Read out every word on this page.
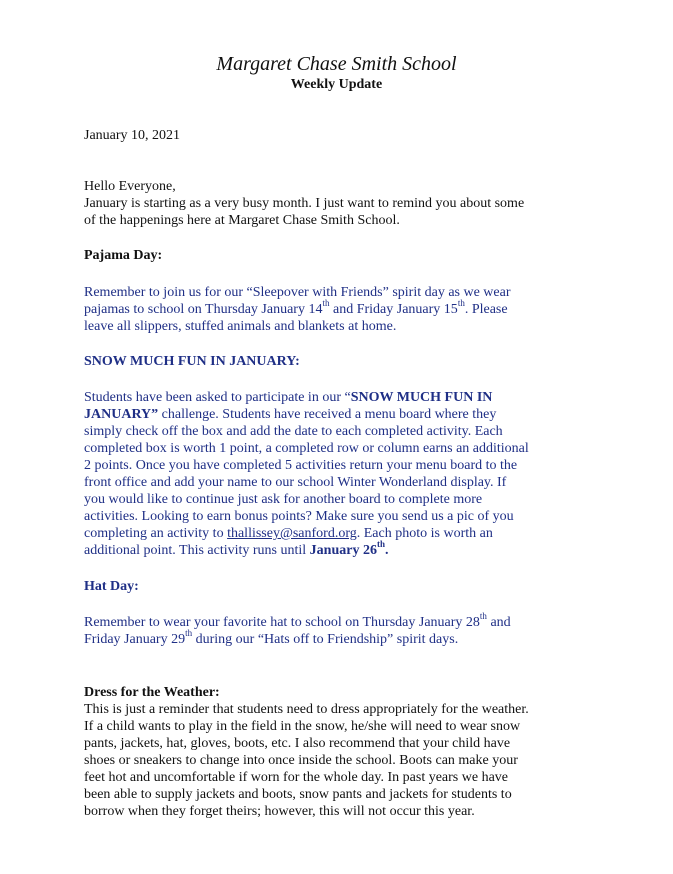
Margaret Chase Smith School
Weekly Update
January 10, 2021
Hello Everyone,
January is starting as a very busy month. I just want to remind you about some
of the happenings here at Margaret Chase Smith School.
Pajama Day:
Remember to join us for our “Sleepover with Friends” spirit day as we wear
pajamas to school on Thursday January 14th and Friday January 15th. Please
leave all slippers, stuffed animals and blankets at home.
SNOW MUCH FUN IN JANUARY:
Students have been asked to participate in our “SNOW MUCH FUN IN
JANUARY” challenge. Students have received a menu board where they
simply check off the box and add the date to each completed activity. Each
completed box is worth 1 point, a completed row or column earns an additional
2 points. Once you have completed 5 activities return your menu board to the
front office and add your name to our school Winter Wonderland display. If
you would like to continue just ask for another board to complete more
activities. Looking to earn bonus points? Make sure you send us a pic of you
completing an activity to thallissey@sanford.org. Each photo is worth an
additional point. This activity runs until January 26th.
Hat Day:
Remember to wear your favorite hat to school on Thursday January 28th and
Friday January 29th during our “Hats off to Friendship” spirit days.
Dress for the Weather:
This is just a reminder that students need to dress appropriately for the weather.
If a child wants to play in the field in the snow, he/she will need to wear snow
pants, jackets, hat, gloves, boots, etc. I also recommend that your child have
shoes or sneakers to change into once inside the school. Boots can make your
feet hot and uncomfortable if worn for the whole day. In past years we have
been able to supply jackets and boots, snow pants and jackets for students to
borrow when they forget theirs; however, this will not occur this year.
